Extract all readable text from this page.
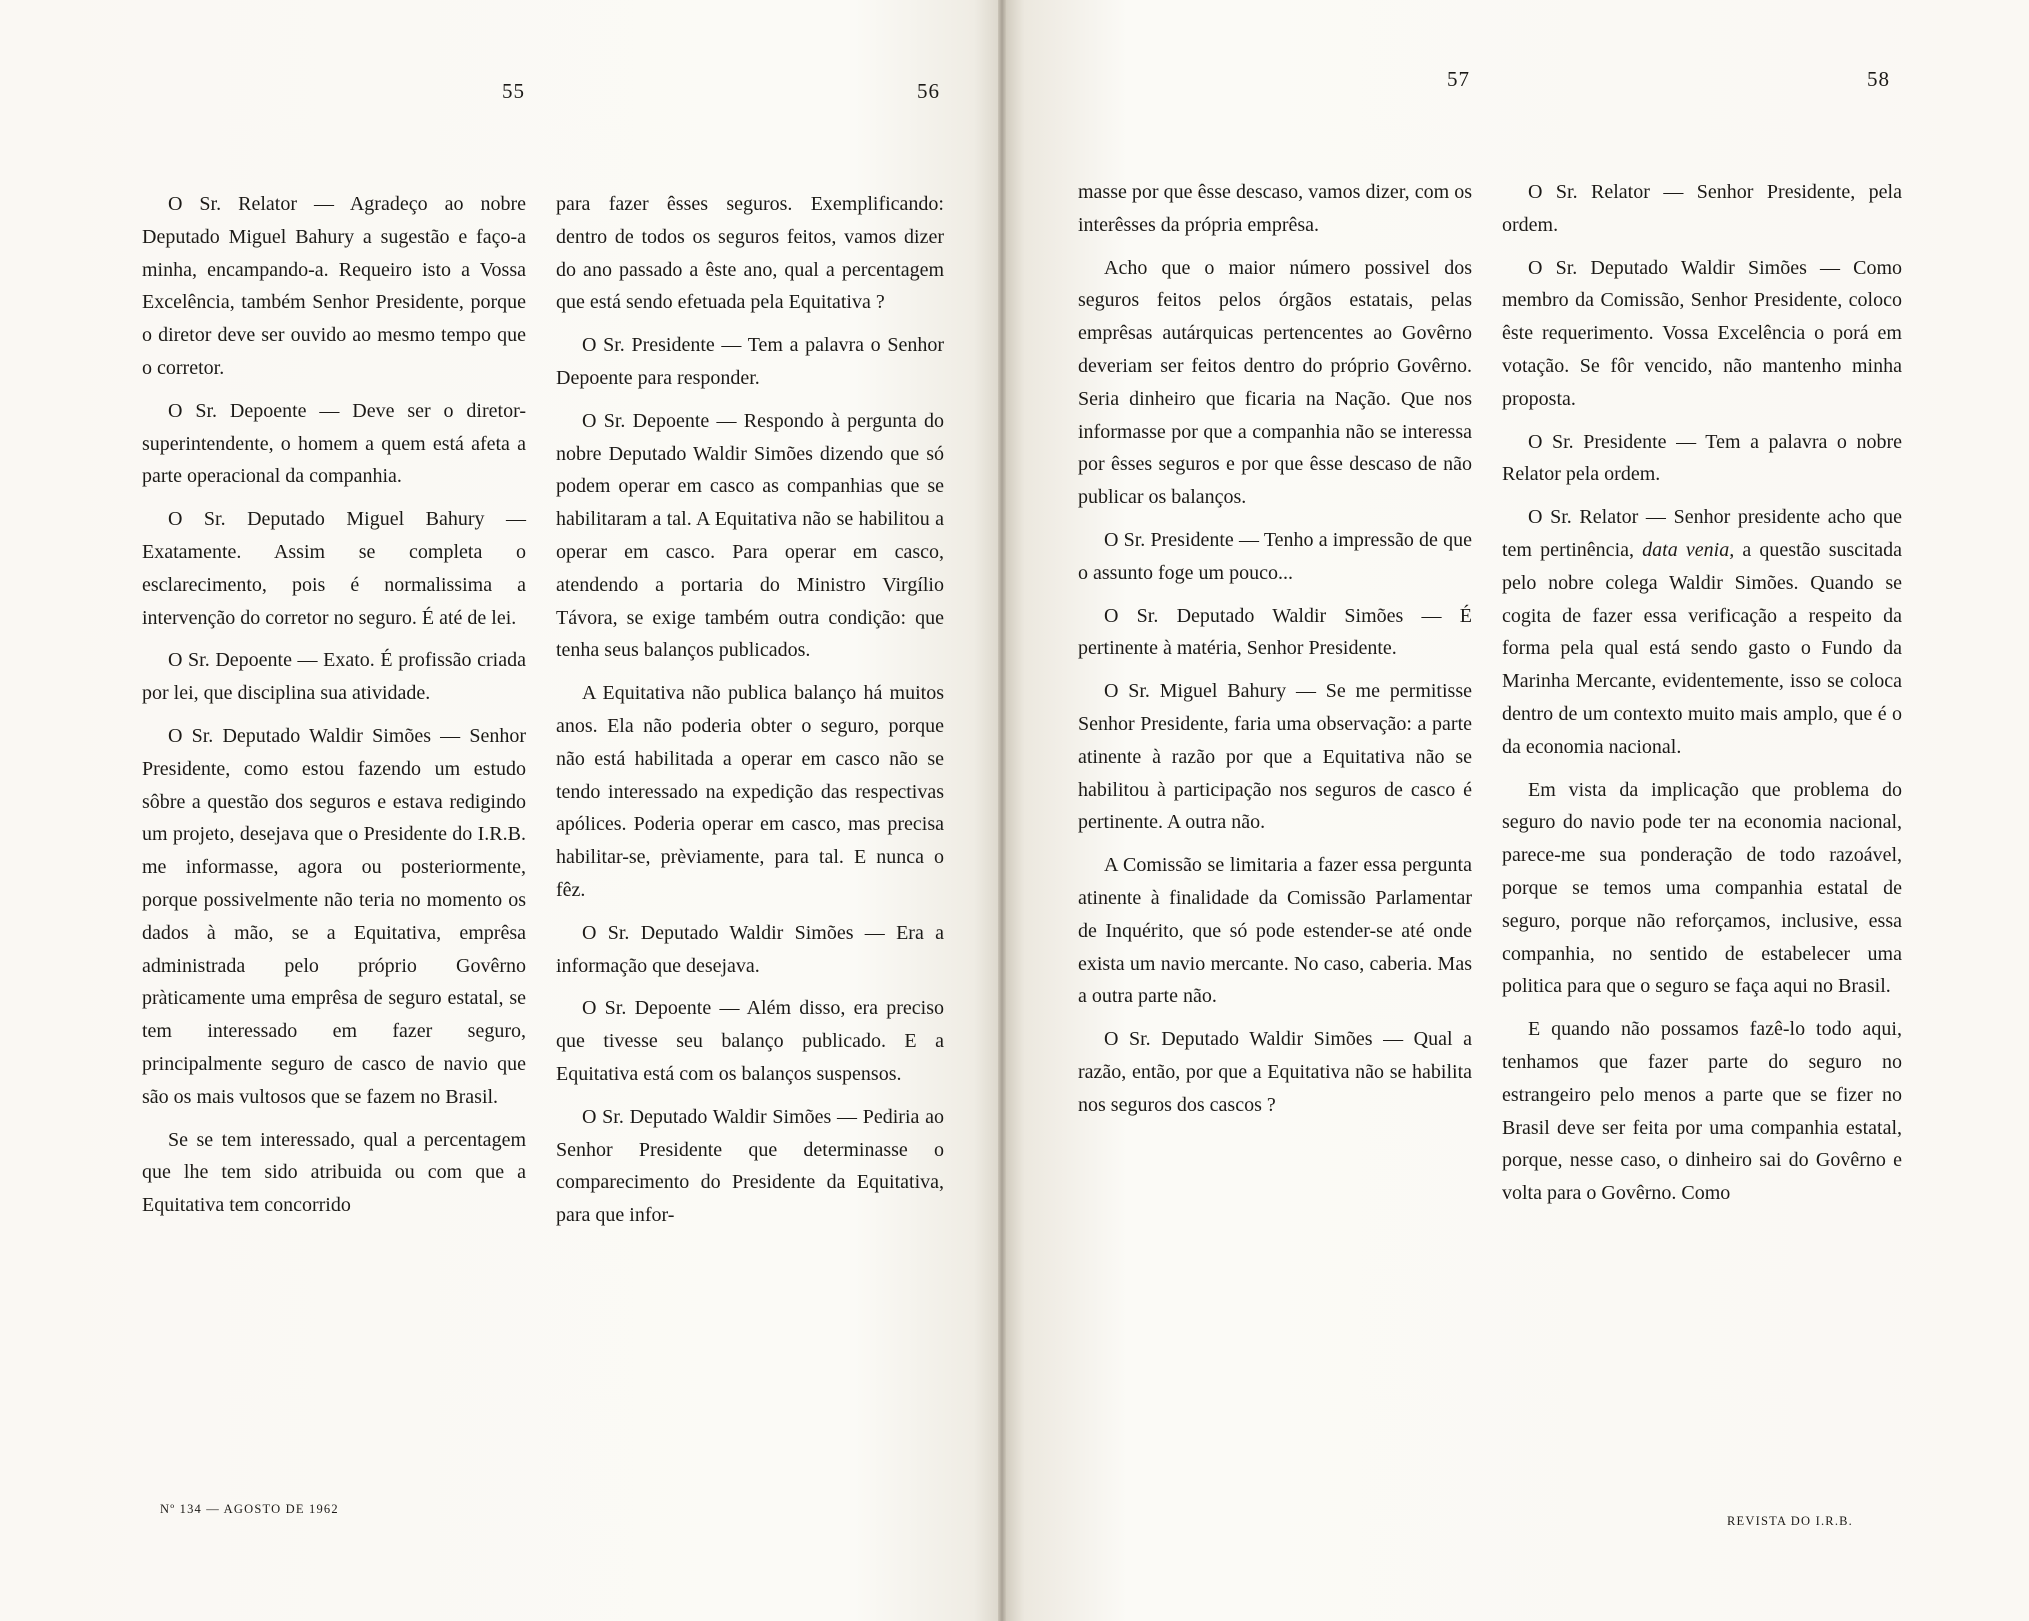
55	56	57	58

O Sr. Relator — Agradeço ao nobre Deputado Miguel Bahury a sugestão e faço-a minha, encampando-a. Requeiro isto a Vossa Excelência, também Senhor Presidente, porque o diretor deve ser ouvido ao mesmo tempo que o corretor.

O Sr. Depoente — Deve ser o diretor-superintendente, o homem a quem está afeta a parte operacional da companhia.

O Sr. Deputado Miguel Bahury — Exatamente. Assim se completa o esclarecimento, pois é normalissima a intervenção do corretor no seguro. É até de lei.

O Sr. Depoente — Exato. É profissão criada por lei, que disciplina sua atividade.

O Sr. Deputado Waldir Simões — Senhor Presidente, como estou fazendo um estudo sôbre a questão dos seguros e estava redigindo um projeto, desejava que o Presidente do I.R.B. me informasse, agora ou posteriormente, porque possivelmente não teria no momento os dados à mão, se a Equitativa, emprêsa administrada pelo próprio Govêrno pràticamente uma emprêsa de seguro estatal, se tem interessado em fazer seguro, principalmente seguro de casco de navio que são os mais vultosos que se fazem no Brasil.

Se se tem interessado, qual a percentagem que lhe tem sido atribuida ou com que a Equitativa tem concorrido

para fazer êsses seguros. Exemplificando: dentro de todos os seguros feitos, vamos dizer do ano passado a êste ano, qual a percentagem que está sendo efetuada pela Equitativa ?

O Sr. Presidente — Tem a palavra o Senhor Depoente para responder.

O Sr. Depoente — Respondo à pergunta do nobre Deputado Waldir Simões dizendo que só podem operar em casco as companhias que se habilitaram a tal. A Equitativa não se habilitou a operar em casco. Para operar em casco, atendendo a portaria do Ministro Virgílio Távora, se exige também outra condição: que tenha seus balanços publicados.

A Equitativa não publica balanço há muitos anos. Ela não poderia obter o seguro, porque não está habilitada a operar em casco não se tendo interessado na expedição das respectivas apólices. Poderia operar em casco, mas precisa habilitar-se, prèviamente, para tal. E nunca o fêz.

O Sr. Deputado Waldir Simões — Era a informação que desejava.

O Sr. Depoente — Além disso, era preciso que tivesse seu balanço publicado. E a Equitativa está com os balanços suspensos.

O Sr. Deputado Waldir Simões — Pediria ao Senhor Presidente que determinasse o comparecimento do Presidente da Equitativa, para que infor-

masse por que êsse descaso, vamos dizer, com os interêsses da própria emprêsa.

Acho que o maior número possivel dos seguros feitos pelos órgãos estatais, pelas emprêsas autárquicas pertencentes ao Govêrno deveriam ser feitos dentro do próprio Govêrno. Seria dinheiro que ficaria na Nação. Que nos informasse por que a companhia não se interessa por êsses seguros e por que êsse descaso de não publicar os balanços.

O Sr. Presidente — Tenho a impressão de que o assunto foge um pouco...

O Sr. Deputado Waldir Simões — É pertinente à matéria, Senhor Presidente.

O Sr. Miguel Bahury — Se me permitisse Senhor Presidente, faria uma observação: a parte atinente à razão por que a Equitativa não se habilitou à participação nos seguros de casco é pertinente. A outra não.

A Comissão se limitaria a fazer essa pergunta atinente à finalidade da Comissão Parlamentar de Inquérito, que só pode estender-se até onde exista um navio mercante. No caso, caberia. Mas a outra parte não.

O Sr. Deputado Waldir Simões — Qual a razão, então, por que a Equitativa não se habilita nos seguros dos cascos ?

O Sr. Relator — Senhor Presidente, pela ordem.

O Sr. Deputado Waldir Simões — Como membro da Comissão, Senhor Presidente, coloco êste requerimento. Vossa Excelência o porá em votação. Se fôr vencido, não mantenho minha proposta.

O Sr. Presidente — Tem a palavra o nobre Relator pela ordem.

O Sr. Relator — Senhor presidente acho que tem pertinência, data venia, a questão suscitada pelo nobre colega Waldir Simões. Quando se cogita de fazer essa verificação a respeito da forma pela qual está sendo gasto o Fundo da Marinha Mercante, evidentemente, isso se coloca dentro de um contexto muito mais amplo, que é o da economia nacional.

Em vista da implicação que problema do seguro do navio pode ter na economia nacional, parece-me sua ponderação de todo razoável, porque se temos uma companhia estatal de seguro, porque não reforçamos, inclusive, essa companhia, no sentido de estabelecer uma politica para que o seguro se faça aqui no Brasil.

E quando não possamos fazê-lo todo aqui, tenhamos que fazer parte do seguro no estrangeiro pelo menos a parte que se fizer no Brasil deve ser feita por uma companhia estatal, porque, nesse caso, o dinheiro sai do Govêrno e volta para o Govêrno. Como

Nº 134 — AGOSTO DE 1962
REVISTA DO I.R.B.
